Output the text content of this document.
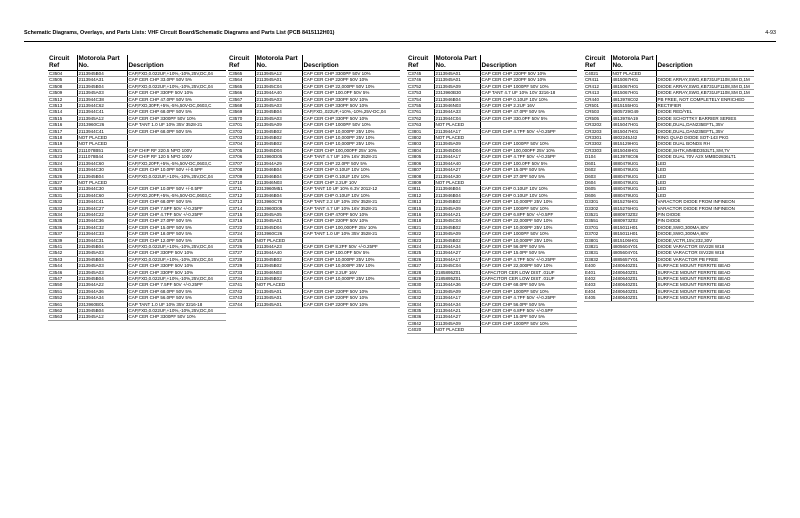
Schematic Diagrams, Overlays, and Parts Lists: VHF Circuit Board/Schematic Diagrams and Parts List (PCB 8415112H01)	4-93
Circuit Ref	Motorola Part No.	Description
C3504	2113945B04	CAP,FXD,0.022UF,+10%,-10%,25V,DC,04
C3505	2113944A31	CAP CER CHP 33.0PF 50V 5%
C3508	2113945B04	CAP,FXD,0.022UF,+10%,-10%,25V,DC,04
C3509	2113945A03	CAP CER CHP 330PF 50V 10%
C3512	2113944C38	CAP CER CHP 47.0PF 50V 5%
C3513	2113944C62	CAP,FXD,30PF,+5%,-5%,50V-DC,0603,C
C3514	2113944C41	CAP CER CHP 68.0PF 50V 5%
C3515	2113945A12	CAP CER CHP 3300PF 50V 10%
C3516	2313960C26	CAP TANT 1.0 UF 10% 35V 3528-21
C3517	2113944C41	CAP CER CHP 68.0PF 50V 5%
C3518	NOT PLACED	
C3519	NOT PLACED	
C3521	2111078B51	CAP CHIP RF 220.5 NPO 100V
C3523	2111078B44	CAP CHIP RF 120 5 NPO 100V
C3524	2113944C60	CAP,FXD,20PF,+5%,-5%,50V-DC,0603,C
C3525	2113944C30	CAP CER CHP 10.0PF 50V +/-0.5PF
C3526	2113945B04	CAP,FXD,0.022UF,+10%,-10%,25V,DC,04
C3527	NOT PLACED	
C3528	2113944C30	CAP CER CHP 10.0PF 50V +/-0.5PF
C3531	2113944C60	CAP,FXD,20PF,+5%,-5%,50V-DC,0603,C
C3532	2113944C41	CAP CER CHP 68.0PF 50V 5%
C3533	2113944C27	CAP CER CHP 7.5PF 50V +/-0.25PF
C3534	2113944C22	CAP CER CHP 4.7PF 50V +/-0.25PF
C3535	2113944C36	CAP CER CHP 27.0PF 50V 5%
C3536	2113944C32	CAP CER CHP 15.0PF 50V 5%
C3537	2113944C33	CAP CER CHP 18.0PF 50V 5%
C3539	2113944C31	CAP CER CHP 12.0PF 50V 5%
C3541	2113945B04	CAP,FXD,0.022UF,+10%,-10%,25V,DC,04
C3542	2113945A03	CAP CER CHP 330PF 50V 10%
C3543	2113945B04	CAP,FXD,0.022UF,+10%,-10%,25V,DC,04
C3544	2113945A03	CAP CER CHP 330PF 50V 10%
C3546	2113945A03	CAP CER CHP 330PF 50V 10%
C3547	2113945B04	CAP,FXD,0.022UF,+10%,-10%,25V,DC,04
C3550	2113944A22	CAP CER CHP 7.5PF 50V +/-0.25PF
C3551	2113944A36	CAP CER CHP 68.0PF 50V 5%
C3552	2113944A34	CAP CER CHP 56.0PF 50V 5%
C3561	2313960B01	CAP TANT 1.0 UF 10% 35V 3216-18
C3562	2113945B04	CAP,FXD,0.022UF,+10%,-10%,25V,DC,04
C3563	2113945A12	CAP CER CHP 3300PF 50V 10%
Circuit Ref	Motorola Part No.	Description
C3565	2113945A12	CAP CER CHP 3300PF 50V 10%
C3564	2113945A01	CAP CER CHP 220PF 50V 10%
C3565	2113945C04	CAP CER CHP 22,000PF 50V 10%
C3566	2113944A40	CAP CER CHP 100.0PF 50V 5%
C3567	2113945A03	CAP CER CHP 330PF 50V 10%
C3568	2113945A03	CAP CER CHP 330PF 50V 10%
C3569	2113945B04	CAP,FXD,.022UF,+10%,-10%,25V-DC,04
C3570	2113945A03	CAP CER CHP 330PF 50V 10%
C3701	2113945A09	CAP CER CHP 1000PF 50V 10%
C3702	2113945B02	CAP CER CHP 10,000PF 25V 10%
C3703	2113945B02	CAP CER CHP 10,000PF 25V 10%
C3704	2113945B02	CAP CER CHP 10,000PF 25V 10%
C3705	2113945D04	CAP CER CHP 100,000PF 25V 10%
C3706	2313960D05	CAP TANT 4.7 UF 10% 16V 3528-21
C3707	2113944A29	CAP CER CHP 22.0PF 50V 5%
C3708	2113946B04	CAP CER CHP 0.10UF 10V 10%
C3709	2113946B04	CAP CER CHP 0.10UF 10V 10%
C3710	2113946N03	CAP CER CHP 2.2UF 10V
C3711	2313960M51	CAP TANT 10 UF 10% 6.3V 2012-12
C3712	2113946B04	CAP CER CHP 0.10UF 10V 10%
C3713	2313960C78	CAP TANT 2.2 UF 10% 20V 3528-21
C3714	2313960D05	CAP TANT 4.7 UF 10% 16V 3528-21
C3715	2113945A05	CAP CER CHP 470PF 50V 10%
C3716	2113945A01	CAP CER CHP 220PF 50V 10%
C3722	2113945D04	CAP CER CHP 100,000PF 25V 10%
C3724	2313960C26	CAP TANT 1.0 UF 10% 35V 3528-21
C3725	NOT PLACED	
C3726	2113944A23	CAP CER CHP 8.2PF 50V +/-0.25PF
C3727	2113944A40	CAP CER CHP 100.0PF 50V 5%
C3728	2113945B02	CAP CER CHP 10,000PF 25V 10%
C3729	2113945B02	CAP CER CHP 10,000PF 25V 10%
C3733	2113946N03	CAP CER CHP 2.2UF 16V
C3734	2113945B02	CAP CER CHP 10,000PF 25V 10%
C3741	NOT PLACED	
C3742	2113945A01	CAP CER CHP 220PF 50V 10%
C3743	2113945A01	CAP CER CHP 220PF 50V 10%
C3744	2113945A01	CAP CER CHP 220PF 50V 10%
Circuit Ref	Motorola Part No.	Description
C3745	2113945A01	CAP CER CHP 220PF 50V 10%
C3746	2113945A01	CAP CER CHP 220PF 50V 10%
C3752	2113945A09	CAP CER CHP 1000PF 50V 10%
C3753	2313960B30	CAP TANT 4.7 UF 10% 10V 3216-18
C3754	2113946B04	CAP CER CHP 0.10UF 10V 10%
C3755	2113946N03	CAP CER CHP 2.2UF 16V
C3761	2113944A33	CAP CER CHP 47.0PF 50V 5%
C3762	2113944C04	CAP CER CHP 330.0PF 50V 5%
C3763	NOT PLACED	
C3801	2113944A17	CAP CER CHP 4.7PF 50V +/-0.25PF
C3802	NOT PLACED	
C3803	2113945A09	CAP CER CHP 1000PF 50V 10%
C3804	2113945D04	CAP CER CHP 100,000PF 25V 10%
C3805	2113944A17	CAP CER CHP 4.7PF 50V +/-0.25PF
C3806	2113944A40	CAP CER CHP 100.0PF 50V 5%
C3807	2113944A27	CAP CER CHP 15.0PF 50V 5%
C3808	2113944A30	CAP CER CHP 27.0PF 50V 5%
C3809	NOT PLACED	
C3811	2113946B04	CAP CER CHP 0.10UF 10V 10%
C3812	2113946B04	CAP CER CHP 0.10UF 10V 10%
C3813	2113945B02	CAP CER CHP 10,000PF 25V 10%
C3815	2113945A09	CAP CER CHP 1000PF 50V 10%
C3816	2113944A21	CAP CER CHP 6.8PF 50V +/-0.5PF
C3818	2113945C04	CAP CER CHP 22,000PF 50V 10%
C3821	2113945B02	CAP CER CHP 10,000PF 25V 10%
C3822	2113945A09	CAP CER CHP 1000PF 50V 10%
C3823	2113945B02	CAP CER CHP 10,000PF 25V 10%
C3824	2113944A34	CAP CER CHP 56.0PF 50V 5%
C3825	2113944A27	CAP CER CHP 15.0PF 50V 5%
C3826	2113944A17	CAP CER CHP 4.7PF 50V +/-0.25PF
C3827	2113945C04	CAP CER CHP 22,000PF 50V 10%
C3828	2185895Z01	CAPACITOR CER LOW DIST .01UF
C3829	2185895Z01	CAPACITOR CER LOW DIST .01UF
C3830	2113944A36	CAP CER CHP 68.0PF 50V 5%
C3831	2113945A09	CAP CER CHP 1000PF 50V 10%
C3832	2113944A17	CAP CER CHP 4.7PF 50V +/-0.25PF
C3834	2113944A34	CAP CER CHP 56.0PF 50V 5%
C3835	2113944A21	CAP CER CHP 6.8PF 50V +/-0.5PF
C3836	2113944A27	CAP CER CHP 15.0PF 50V 5%
C3842	2113945A09	CAP CER CHP 1000PF 50V 10%
C4020	NOT PLACED	
Circuit Ref	Motorola Part No.	Description
C4021	NOT PLACED	
CR411	4815067H01	DIODE ARRAY,SWG,KB731UF1108,SM D,1M
CR412	4815067H01	DIODE ARRAY,SWG,KB731UF1108,SM D,1M
CR413	4815067H01	DIODE ARRAY,SWG,KB731UF1108,SM D,1M
CR440	4813978C02	PB FREE, NOT COMPLETELY ENRICHED
CR501	4815155H01	RECTIFIER
CR503	4805729G49	DIODE RED/YEL
CR505	4813978A19	DIODE SCHOTTKY BARRIER SERIES
CR3202	4815047H01	DIODE,DUAL,DAN235EFTL,35V
CR3203	4815047H01	DIODE,DUAL,DAN235EFTL,35V
CR3301	4802245J42	RING QUAD DIODE SOT-143 PKG
CR3302	4815129H01	DIODE DUAL BONDS RH
CR3303	4815048H01	DIODE,SHTK,MMBD353LT1,SM,7V
D104	4813978C06	DIODE DUAL 70V A2X MMBD2836LT1
D601	4880479U01	LED
D602	4880479U01	LED
D603	4880479U01	LED
D604	4880479U01	LED
D605	4880479U01	LED
D606	4880479U01	LED
D3301	4815276H01	VARACTOR DIODE FROM INFINEON
D3302	4815276H01	VARACTOR DIODE FROM INFINEON
D3521	4880973Z02	PIN DIODE
D3551	4880973Z02	PIN DIODE
D3701	4815011H01	DIODE,SWG,300MA,80V
D3702	4815011H01	DIODE,SWG,300MA,80V
D3801	4815106H01	DIODE,VCTR,15V,232,30V
D3821	4805604Y01	DIODE VARACTOR ISV228 W18
D3831	4805604Y01	DIODE VARACTOR ISV228 W18
D3832	4885657Y01	DIODE VARACTOR PB FREE
E400	2480640Z01	SURFACE MOUNT FERRITE BEAD
E401	2480640Z01	SURFACE MOUNT FERRITE BEAD
E402	2480640Z01	SURFACE MOUNT FERRITE BEAD
E403	2480640Z01	SURFACE MOUNT FERRITE BEAD
E404	2480640Z01	SURFACE MOUNT FERRITE BEAD
E405	2480640Z01	SURFACE MOUNT FERRITE BEAD
